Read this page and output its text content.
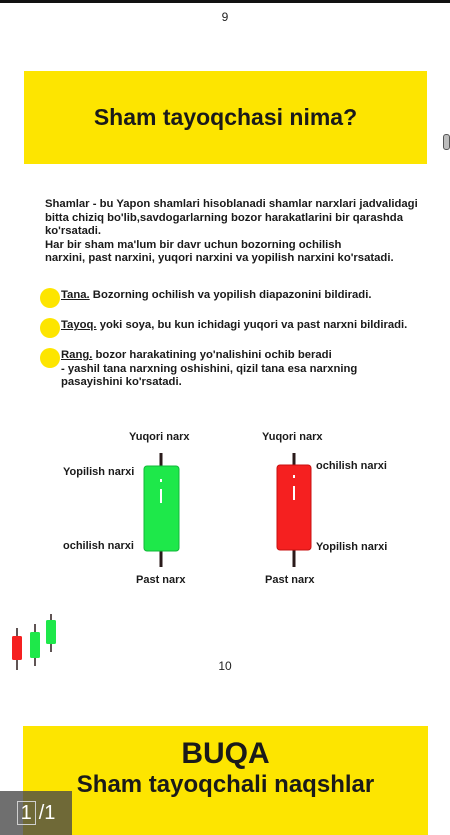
9
Sham tayoqchasi nima?

Shamlar - bu Yapon shamlari hisoblanadi shamlar narxlari jadvalidagi

bitta chiziq bo'lib,savdogarlarning bozor harakatlarini bir qarashda

ko'rsatadi.

Har bir sham ma'lum bir davr uchun bozorning ochilish

narxini, past narxini, yuqori narxini va yopilish narxini ko'rsatadi.

Tana. Bozorning ochilish va yopilish diapazonini bildiradi.
Tayoq. yoki soya, bu kun ichidagi yuqori va past narxni bildiradi.
Rang. bozor harakatining yo'nalishini ochib beradi
- yashil tana narxning oshishini, qizil tana esa narxning
pasayishini ko'rsatadi.
Yuqori narx
Yopilish narxi
ochilish narxi
Past narx
Yuqori narx
ochilish narxi
Yopilish narxi
Past narx
10
BUQA
Sham tayoqchali naqshlar
1 /1
